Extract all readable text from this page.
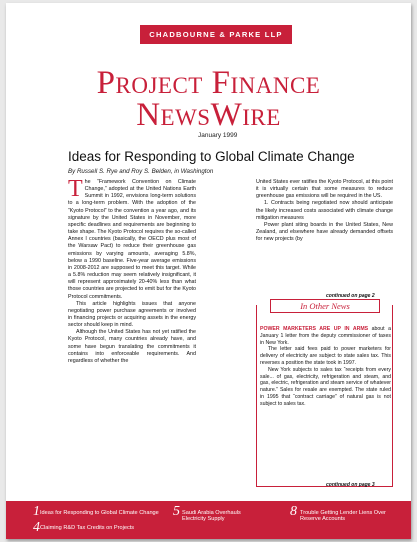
CHADBOURNE & PARKE LLP
Project Finance
NewsWire
January 1999
Ideas for Responding to Global Climate Change
By Russell S. Rye and Roy S. Belden, in Washington

The “Framework Convention on Climate Change,” adopted at the United Nations Earth Summit in 1992, envisions long-term solutions to a long-term problem. With the adoption of the “Kyoto Protocol” to the convention a year ago, and its signature by the United States in November, more specific deadlines and requirements are beginning to take shape. The Kyoto Protocol requires the so-called Annex I countries (basically, the OECD plus most of the Warsaw Pact) to reduce their greenhouse gas emissions by varying amounts, averaging 5.8%, below a 1990 baseline. Five-year average emissions in 2008-2012 are supposed to meet this target. While a 5.8% reduction may seem relatively insignificant, it will represent approximately 20-40% less than what those countries are projected to emit but for the Kyoto Protocol commitments.

This article highlights issues that anyone negotiating power purchase agreements or involved in financing projects or acquiring assets in the energy sector should keep in mind.

Although the United States has not yet ratified the Kyoto Protocol, many countries already have, and some have begun translating the commitments it contains into enforceable requirements. And regardless of whether the

United States ever ratifies the Kyoto Protocol, at this point it is virtually certain that some measures to reduce greenhouse gas emissions will be required in the US.

1. Contracts being negotiated now should anticipate the likely increased costs associated with climate change mitigation measures

Power plant siting boards in the United States, New Zealand, and elsewhere have already demanded offsets for new projects (by

continued on page 2
In Other News

POWER MARKETERS ARE UP IN ARMS about a January 1 letter from the deputy commissioner of taxes in New York.

The letter said fees paid to power marketers for delivery of electricity are subject to state sales tax. This reverses a position the state took in 1997.

New York subjects to sales tax “receipts from every sale... of gas, electricity, refrigeration and steam, and gas, electric, refrigeration and steam service of whatever nature.” Sales for resale are exempted. The state ruled in 1995 that “contract carriage” of natural gas is not subject to sales tax.

continued on page 3
1 Ideas for Responding to Global Climate Change
4 Claiming R&D Tax Credits on Projects
5 Saudi Arabia Overhauls Electricity Supply
8 Trouble Getting Lender Liens Over Reserve Accounts
